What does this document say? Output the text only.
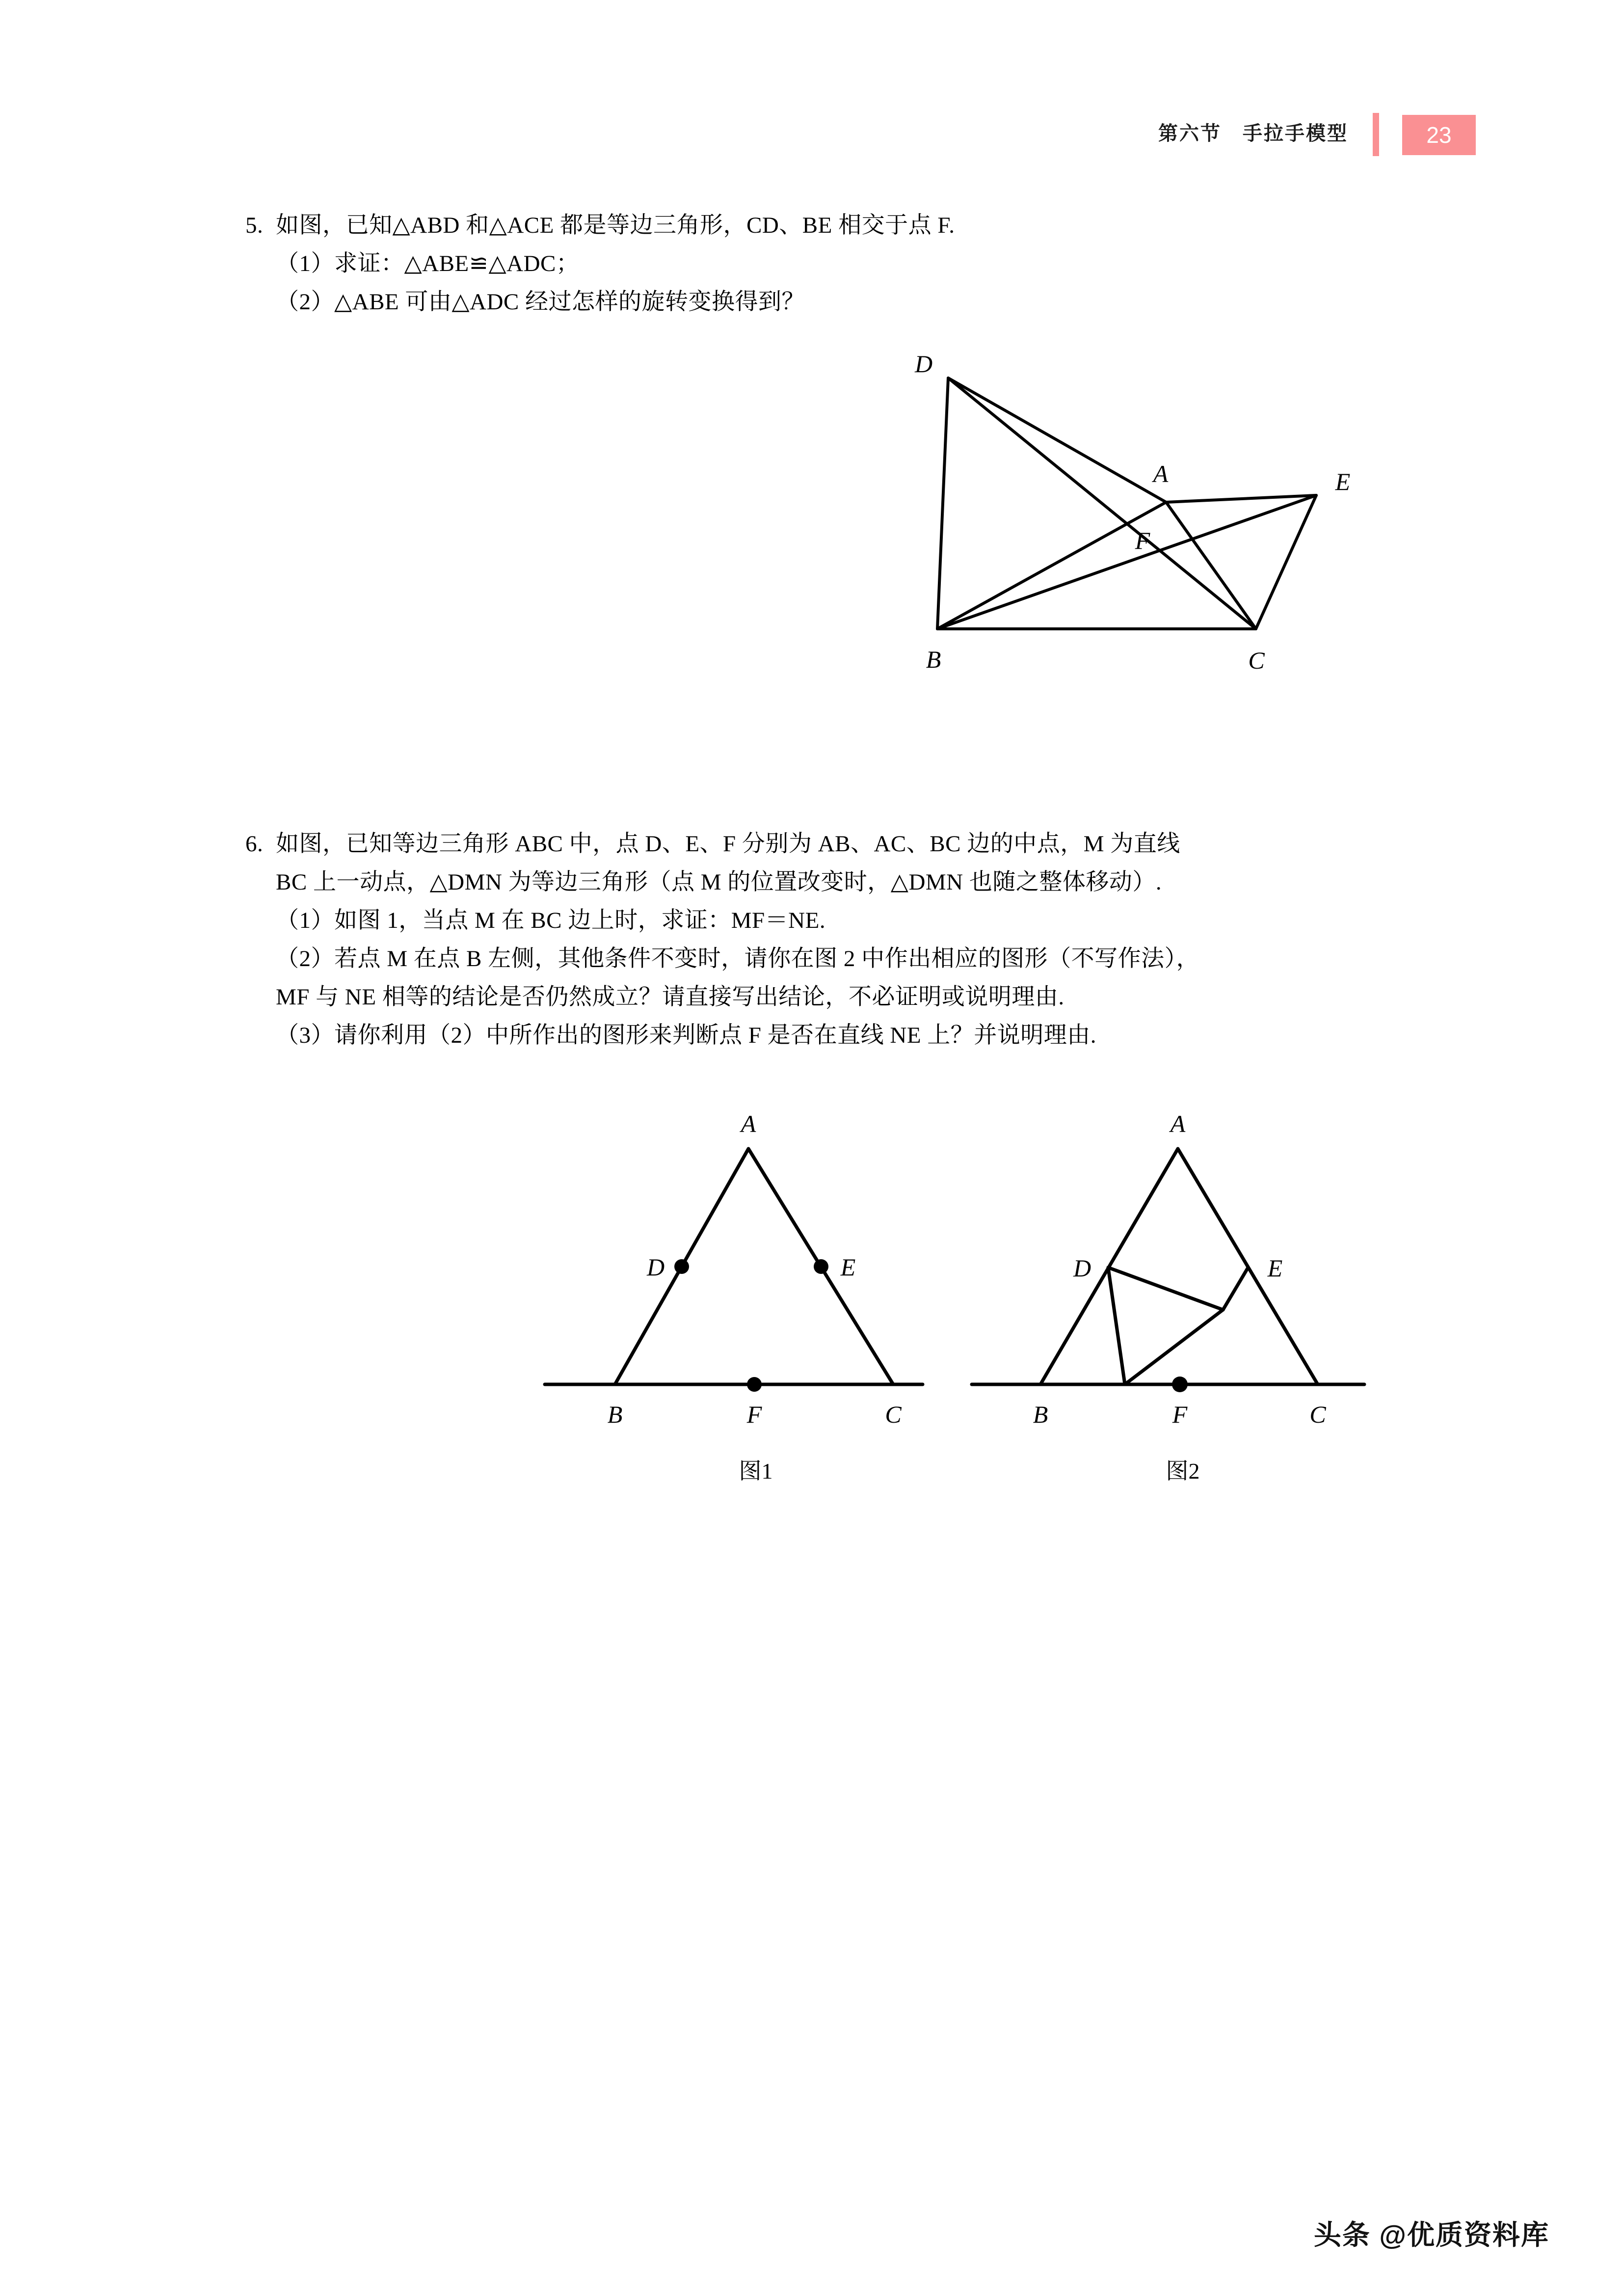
第六节　手拉手模型	23
5. 如图，已知△ABD 和△ACE 都是等边三角形，CD、BE 相交于点 F.
（1）求证：△ABE≌△ADC；
（2）△ABE 可由△ADC 经过怎样的旋转变换得到？
D
A	E
F
B	C
6. 如图，已知等边三角形 ABC 中，点 D、E、F 分别为 AB、AC、BC 边的中点，M 为直线
BC 上一动点，△DMN 为等边三角形（点 M 的位置改变时，△DMN 也随之整体移动）.
（1）如图 1，当点 M 在 BC 边上时，求证：MF＝NE.
（2）若点 M 在点 B 左侧，其他条件不变时，请你在图 2 中作出相应的图形（不写作法），
MF 与 NE 相等的结论是否仍然成立？请直接写出结论，不必证明或说明理由.
（3）请你利用（2）中所作出的图形来判断点 F 是否在直线 NE 上？并说明理由.
A
D	E
B	F	C
图1
A
D	E
B	F	C
图2
头条 @优质资料库
